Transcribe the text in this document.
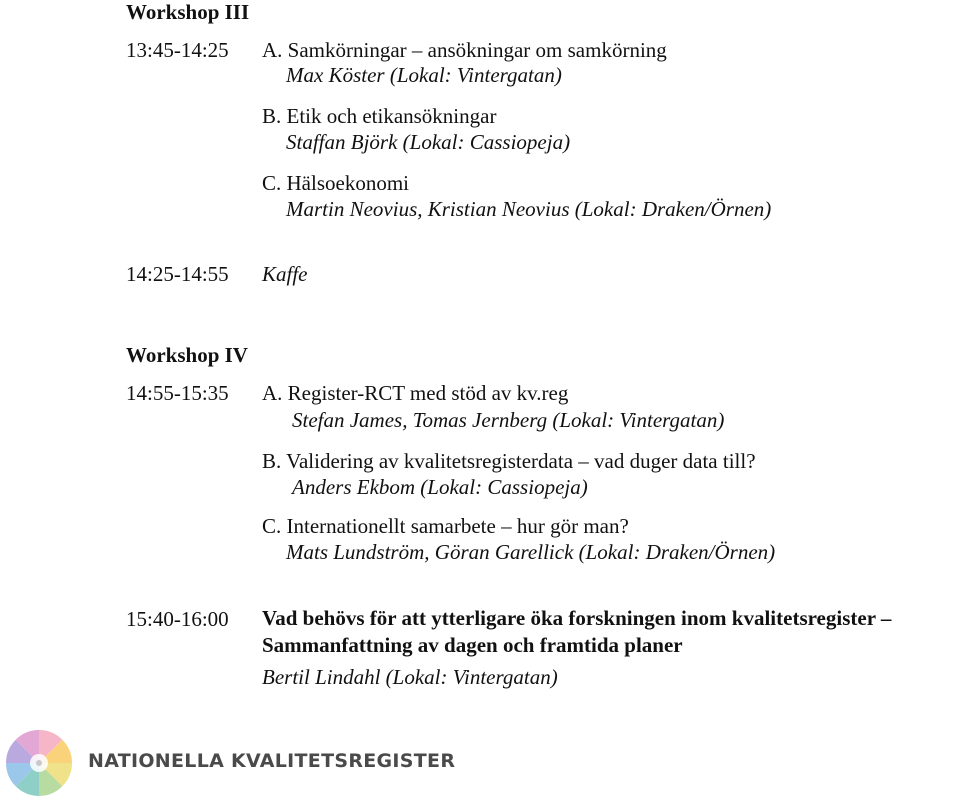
Workshop III
13:45-14:25 A. Samkörningar – ansökningar om samkörning
Max Köster (Lokal: Vintergatan)
B. Etik och etikansökningar
Staffan Björk (Lokal: Cassiopeja)
C. Hälsoekonomi
Martin Neovius, Kristian Neovius (Lokal: Draken/Örnen)
14:25-14:55 Kaffe
Workshop IV
14:55-15:35 A. Register-RCT med stöd av kv.reg
Stefan James, Tomas Jernberg (Lokal: Vintergatan)
B. Validering av kvalitetsregisterdata – vad duger data till?
Anders Ekbom (Lokal: Cassiopeja)
C. Internationellt samarbete – hur gör man?
Mats Lundström, Göran Garellick (Lokal: Draken/Örnen)
15:40-16:00 Vad behövs för att ytterligare öka forskningen inom kvalitetsregister –
Sammanfattning av dagen och framtida planer
Bertil Lindahl (Lokal: Vintergatan)
NATIONELLA KVALITETSREGISTER
